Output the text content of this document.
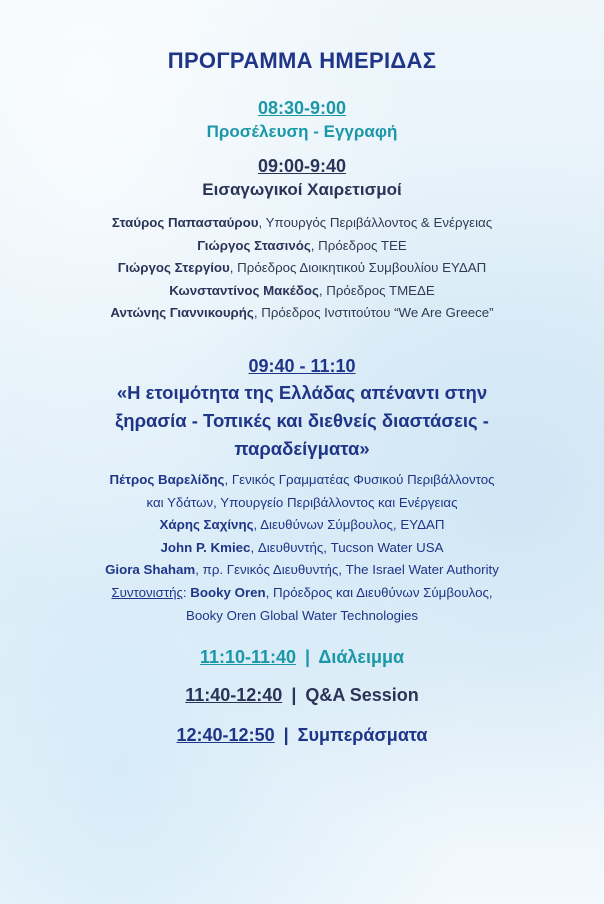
ΠΡΟΓΡΑΜΜΑ ΗΜΕΡΙΔΑΣ
08:30-9:00
Προσέλευση - Εγγραφή
09:00-9:40
Εισαγωγικοί Χαιρετισμοί
Σταύρος Παπασταύρου, Υπουργός Περιβάλλοντος & Ενέργειας
Γιώργος Στασινός, Πρόεδρος ΤΕΕ
Γιώργος Στεργίου, Πρόεδρος Διοικητικού Συμβουλίου ΕΥΔΑΠ
Κωνσταντίνος Μακέδος, Πρόεδρος ΤΜΕΔΕ
Αντώνης Γιαννικουρής, Πρόεδρος Ινστιτούτου “We Are Greece”
09:40 - 11:10
«Η ετοιμότητα της Ελλάδας απέναντι στην
ξηρασία - Τοπικές και διεθνείς διαστάσεις -
παραδείγματα»
Πέτρος Βαρελίδης, Γενικός Γραμματέας Φυσικού Περιβάλλοντος
και Υδάτων, Υπουργείο Περιβάλλοντος και Ενέργειας
Χάρης Σαχίνης, Διευθύνων Σύμβουλος, ΕΥΔΑΠ
John P. Kmiec, Διευθυντής, Tucson Water USA
Giora Shaham, πρ. Γενικός Διευθυντής, The Israel Water Authority
Συντονιστής: Booky Oren, Πρόεδρος και Διευθύνων Σύμβουλος,
Booky Oren Global Water Technologies
11:10-11:40 | Διάλειμμα
11:40-12:40 | Q&A Session
12:40-12:50 | Συμπεράσματα
